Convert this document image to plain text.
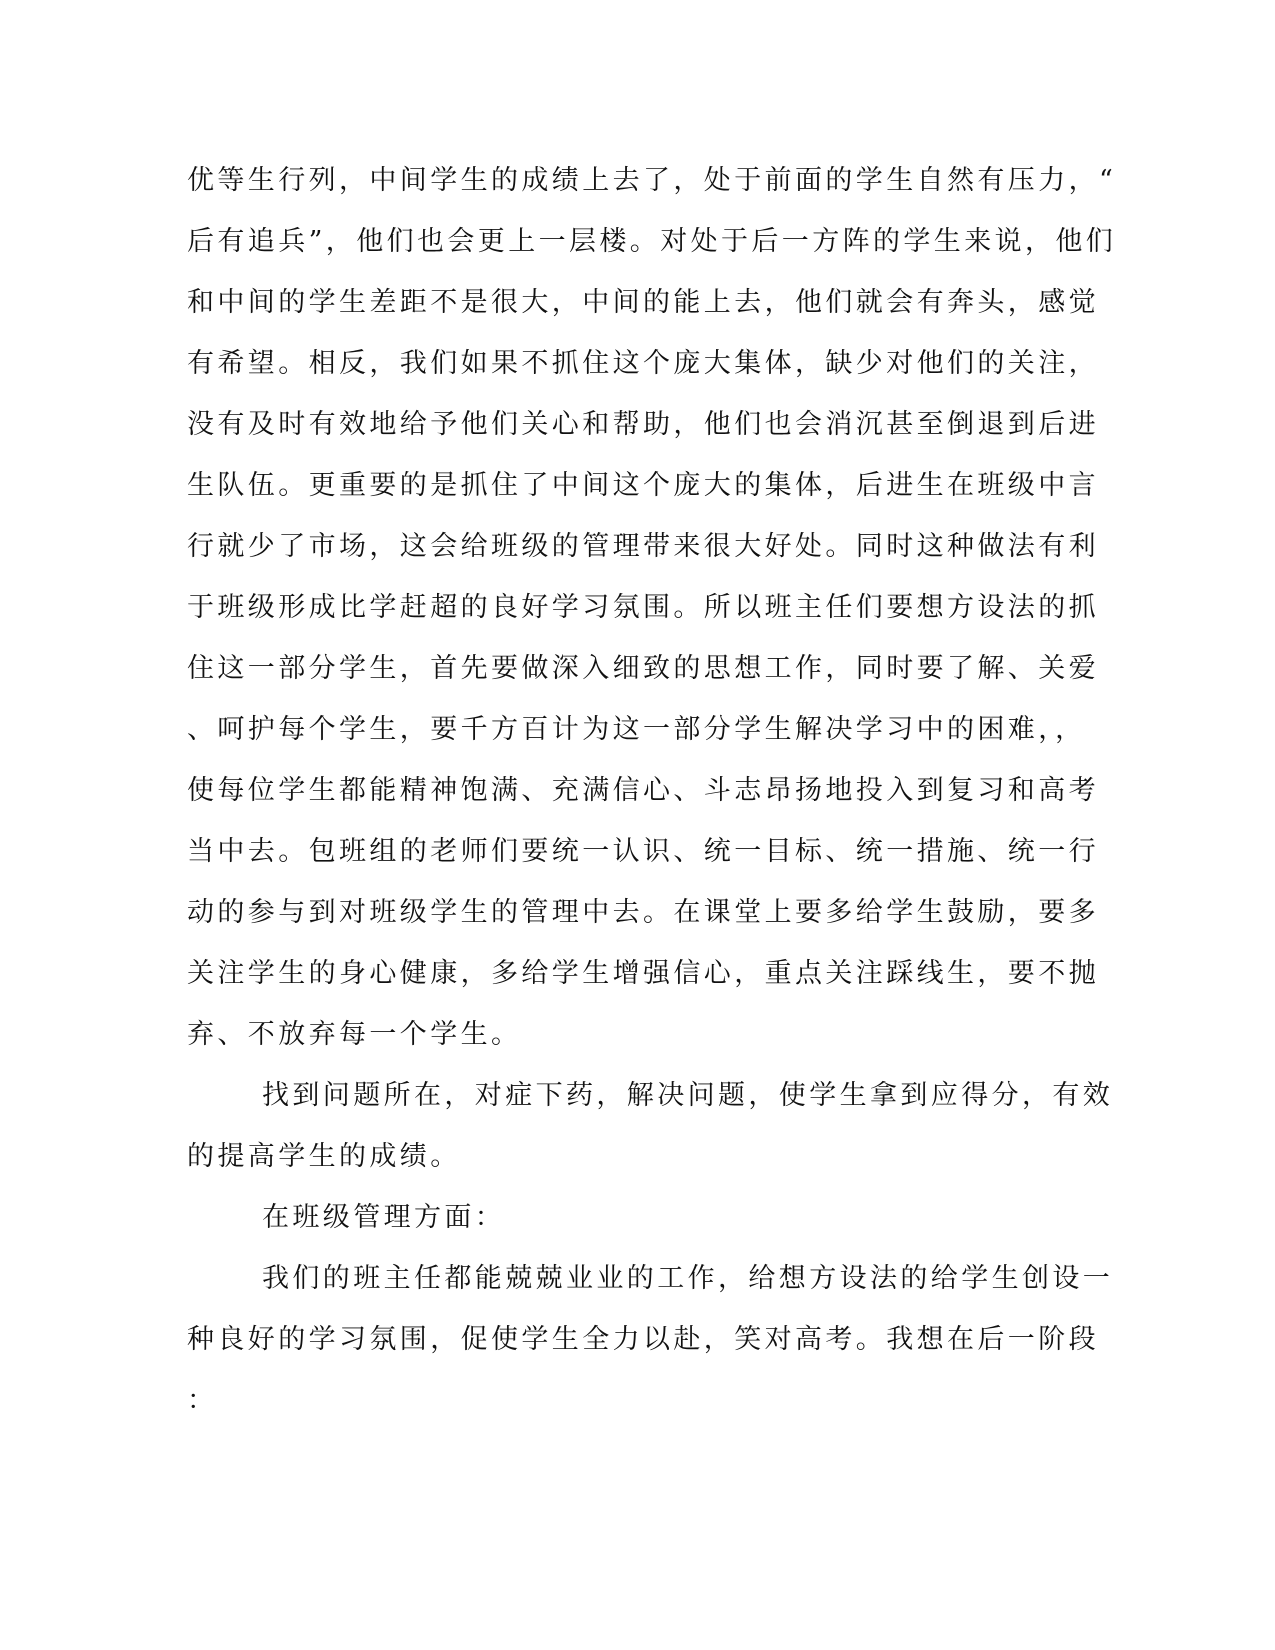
优等生行列，中间学生的成绩上去了，处于前面的学生自然有压力，“
后有追兵”，他们也会更上一层楼。对处于后一方阵的学生来说，他们
和中间的学生差距不是很大，中间的能上去，他们就会有奔头，感觉
有希望。相反，我们如果不抓住这个庞大集体，缺少对他们的关注，
没有及时有效地给予他们关心和帮助，他们也会消沉甚至倒退到后进
生队伍。更重要的是抓住了中间这个庞大的集体，后进生在班级中言
行就少了市场，这会给班级的管理带来很大好处。同时这种做法有利
于班级形成比学赶超的良好学习氛围。所以班主任们要想方设法的抓
住这一部分学生，首先要做深入细致的思想工作，同时要了解、关爱
、呵护每个学生，要千方百计为这一部分学生解决学习中的困难，，
使每位学生都能精神饱满、充满信心、斗志昂扬地投入到复习和高考
当中去。包班组的老师们要统一认识、统一目标、统一措施、统一行
动的参与到对班级学生的管理中去。在课堂上要多给学生鼓励，要多
关注学生的身心健康，多给学生增强信心，重点关注踩线生，要不抛
弃、不放弃每一个学生。
找到问题所在，对症下药，解决问题，使学生拿到应得分，有效
的提高学生的成绩。
在班级管理方面：
我们的班主任都能兢兢业业的工作，给想方设法的给学生创设一
种良好的学习氛围，促使学生全力以赴，笑对高考。我想在后一阶段
：
